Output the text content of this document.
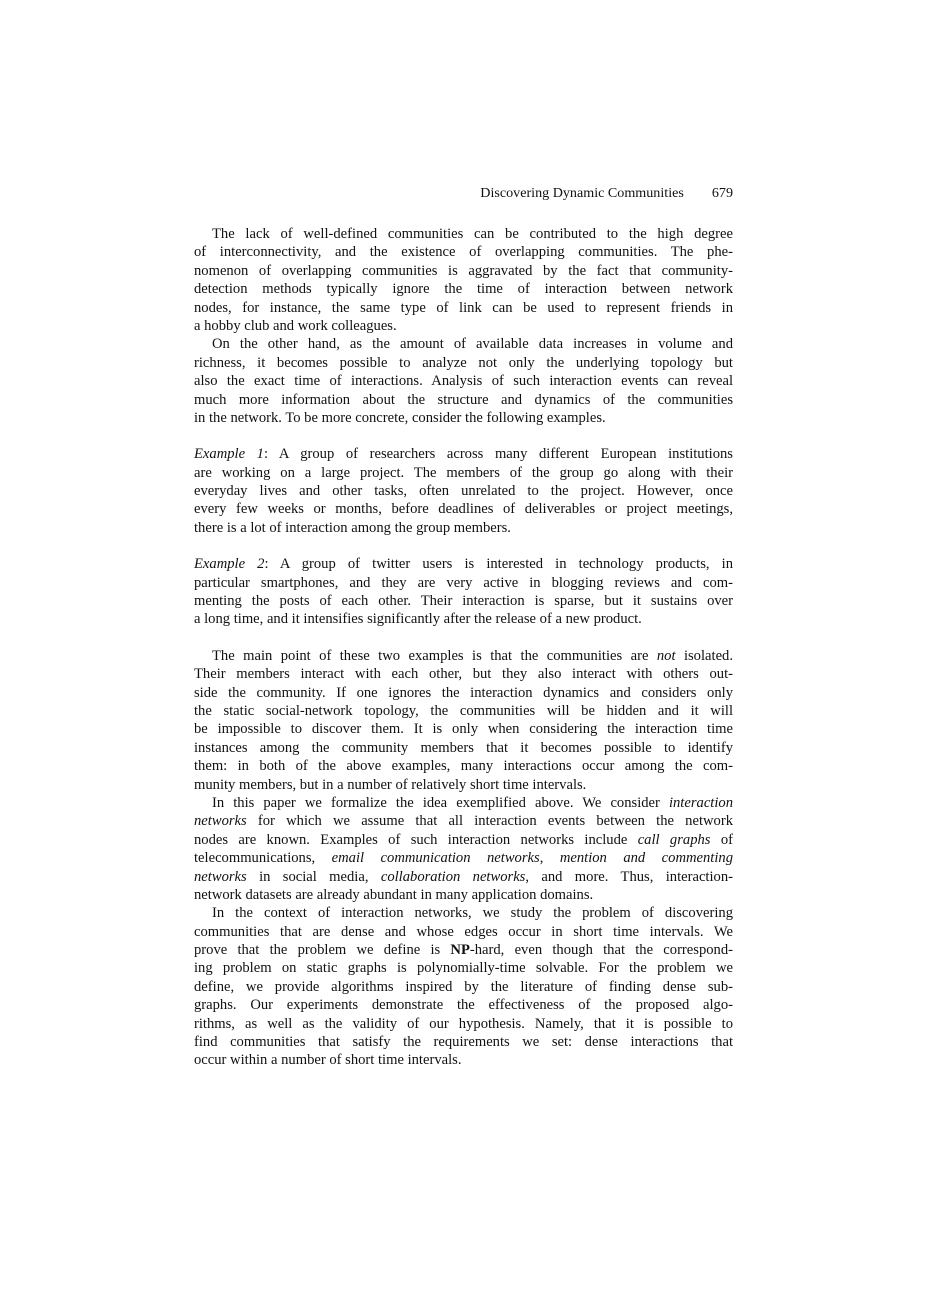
Discovering Dynamic Communities 679
The lack of well-defined communities can be contributed to the high degree
of interconnectivity, and the existence of overlapping communities. The phe-
nomenon of overlapping communities is aggravated by the fact that community-
detection methods typically ignore the time of interaction between network
nodes, for instance, the same type of link can be used to represent friends in
a hobby club and work colleagues.
On the other hand, as the amount of available data increases in volume and
richness, it becomes possible to analyze not only the underlying topology but
also the exact time of interactions. Analysis of such interaction events can reveal
much more information about the structure and dynamics of the communities
in the network. To be more concrete, consider the following examples.
Example 1: A group of researchers across many different European institutions
are working on a large project. The members of the group go along with their
everyday lives and other tasks, often unrelated to the project. However, once
every few weeks or months, before deadlines of deliverables or project meetings,
there is a lot of interaction among the group members.
Example 2: A group of twitter users is interested in technology products, in
particular smartphones, and they are very active in blogging reviews and com-
menting the posts of each other. Their interaction is sparse, but it sustains over
a long time, and it intensifies significantly after the release of a new product.
The main point of these two examples is that the communities are not isolated.
Their members interact with each other, but they also interact with others out-
side the community. If one ignores the interaction dynamics and considers only
the static social-network topology, the communities will be hidden and it will
be impossible to discover them. It is only when considering the interaction time
instances among the community members that it becomes possible to identify
them: in both of the above examples, many interactions occur among the com-
munity members, but in a number of relatively short time intervals.
In this paper we formalize the idea exemplified above. We consider interaction
networks for which we assume that all interaction events between the network
nodes are known. Examples of such interaction networks include call graphs of
telecommunications, email communication networks, mention and commenting
networks in social media, collaboration networks, and more. Thus, interaction-
network datasets are already abundant in many application domains.
In the context of interaction networks, we study the problem of discovering
communities that are dense and whose edges occur in short time intervals. We
prove that the problem we define is NP-hard, even though that the correspond-
ing problem on static graphs is polynomially-time solvable. For the problem we
define, we provide algorithms inspired by the literature of finding dense sub-
graphs. Our experiments demonstrate the effectiveness of the proposed algo-
rithms, as well as the validity of our hypothesis. Namely, that it is possible to
find communities that satisfy the requirements we set: dense interactions that
occur within a number of short time intervals.
